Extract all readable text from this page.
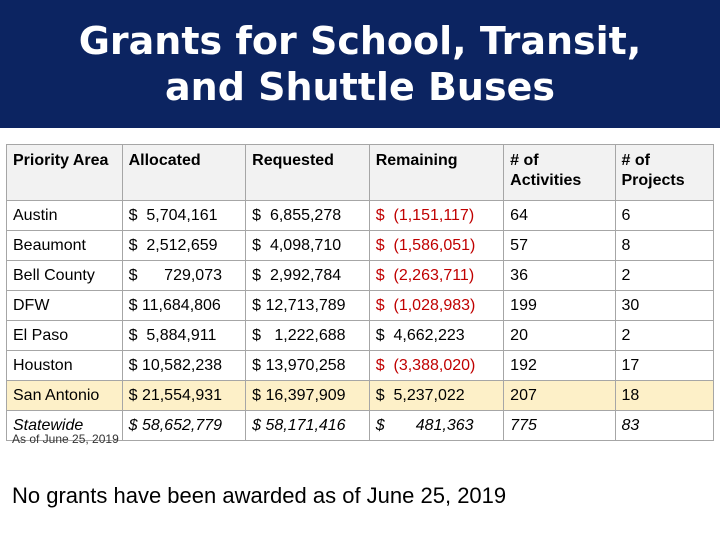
Grants for School, Transit,
and Shuttle Buses
Priority Area	Allocated	Requested	Remaining	# of Activities	# of Projects
Austin	$  5,704,161	$  6,855,278	$  (1,151,117)	64	6
Beaumont	$  2,512,659	$  4,098,710	$  (1,586,051)	57	8
Bell County	$      729,073	$  2,992,784	$  (2,263,711)	36	2
DFW	$ 11,684,806	$ 12,713,789	$  (1,028,983)	199	30
El Paso	$  5,884,911	$   1,222,688	$  4,662,223	20	2
Houston	$ 10,582,238	$ 13,970,258	$  (3,388,020)	192	17
San Antonio	$ 21,554,931	$ 16,397,909	$  5,237,022	207	18
Statewide	$ 58,652,779	$ 58,171,416	$       481,363	775	83
As of June 25, 2019
No grants have been awarded as of June 25, 2019
